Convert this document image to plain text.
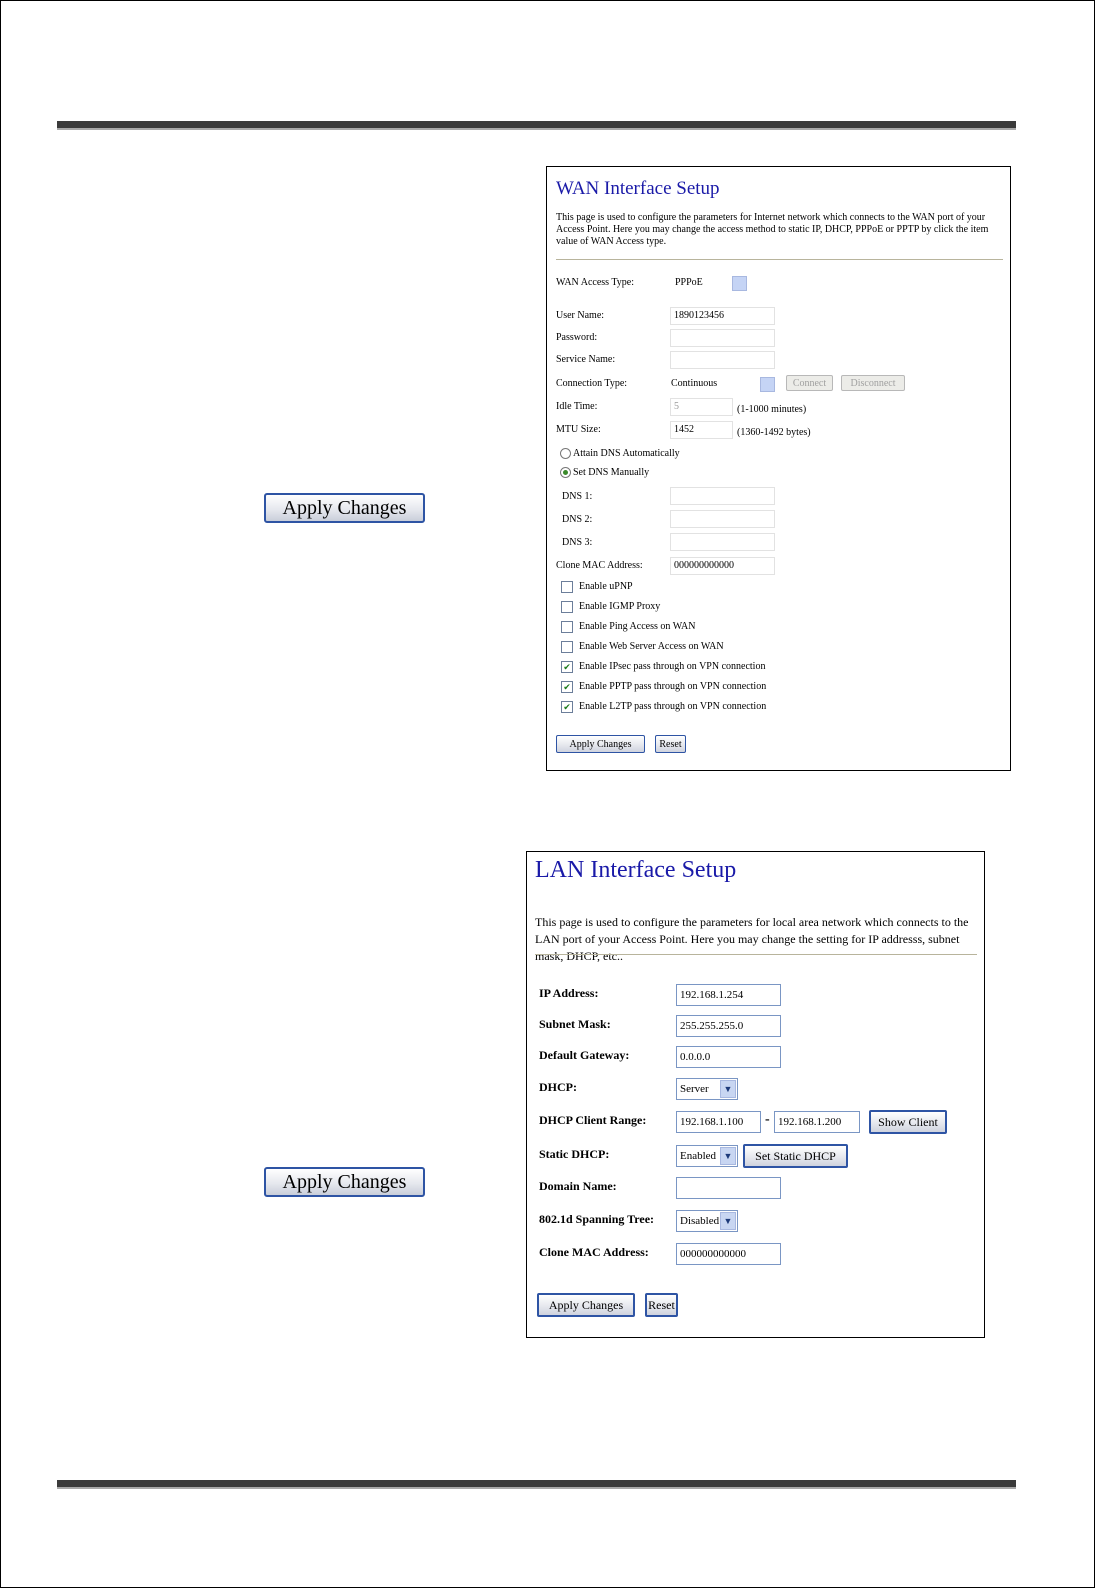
Apply Changes
Apply Changes
WAN Interface Setup
This page is used to configure the parameters for Internet network which connects to the WAN port of your Access Point. Here you may change the access method to static IP, DHCP, PPPoE or PPTP by click the item value of WAN Access type.
WAN Access Type:	PPPoE
User Name:	1890123456
Password:
Service Name:
Connection Type:	Continuous	Connect	Disconnect
Idle Time:	5	(1-1000 minutes)
MTU Size:	1452	(1360-1492 bytes)
Attain DNS Automatically
Set DNS Manually
DNS 1:
DNS 2:
DNS 3:
Clone MAC Address:	000000000000
Enable uPNP
Enable IGMP Proxy
Enable Ping Access on WAN
Enable Web Server Access on WAN
✔ Enable IPsec pass through on VPN connection
✔ Enable PPTP pass through on VPN connection
✔ Enable L2TP pass through on VPN connection
Apply Changes	Reset
LAN Interface Setup
This page is used to configure the parameters for local area network which connects to the LAN port of your Access Point. Here you may change the setting for IP addresss, subnet mask, DHCP, etc..
IP Address:	192.168.1.254
Subnet Mask:	255.255.255.0
Default Gateway:	0.0.0.0
DHCP:	Server	▼
DHCP Client Range:	192.168.1.100	- 192.168.1.200	Show Client
Static DHCP:	Enabled ▼	Set Static DHCP
Domain Name:
802.1d Spanning Tree:	Disabled ▼
Clone MAC Address:	000000000000
Apply Changes	Reset
